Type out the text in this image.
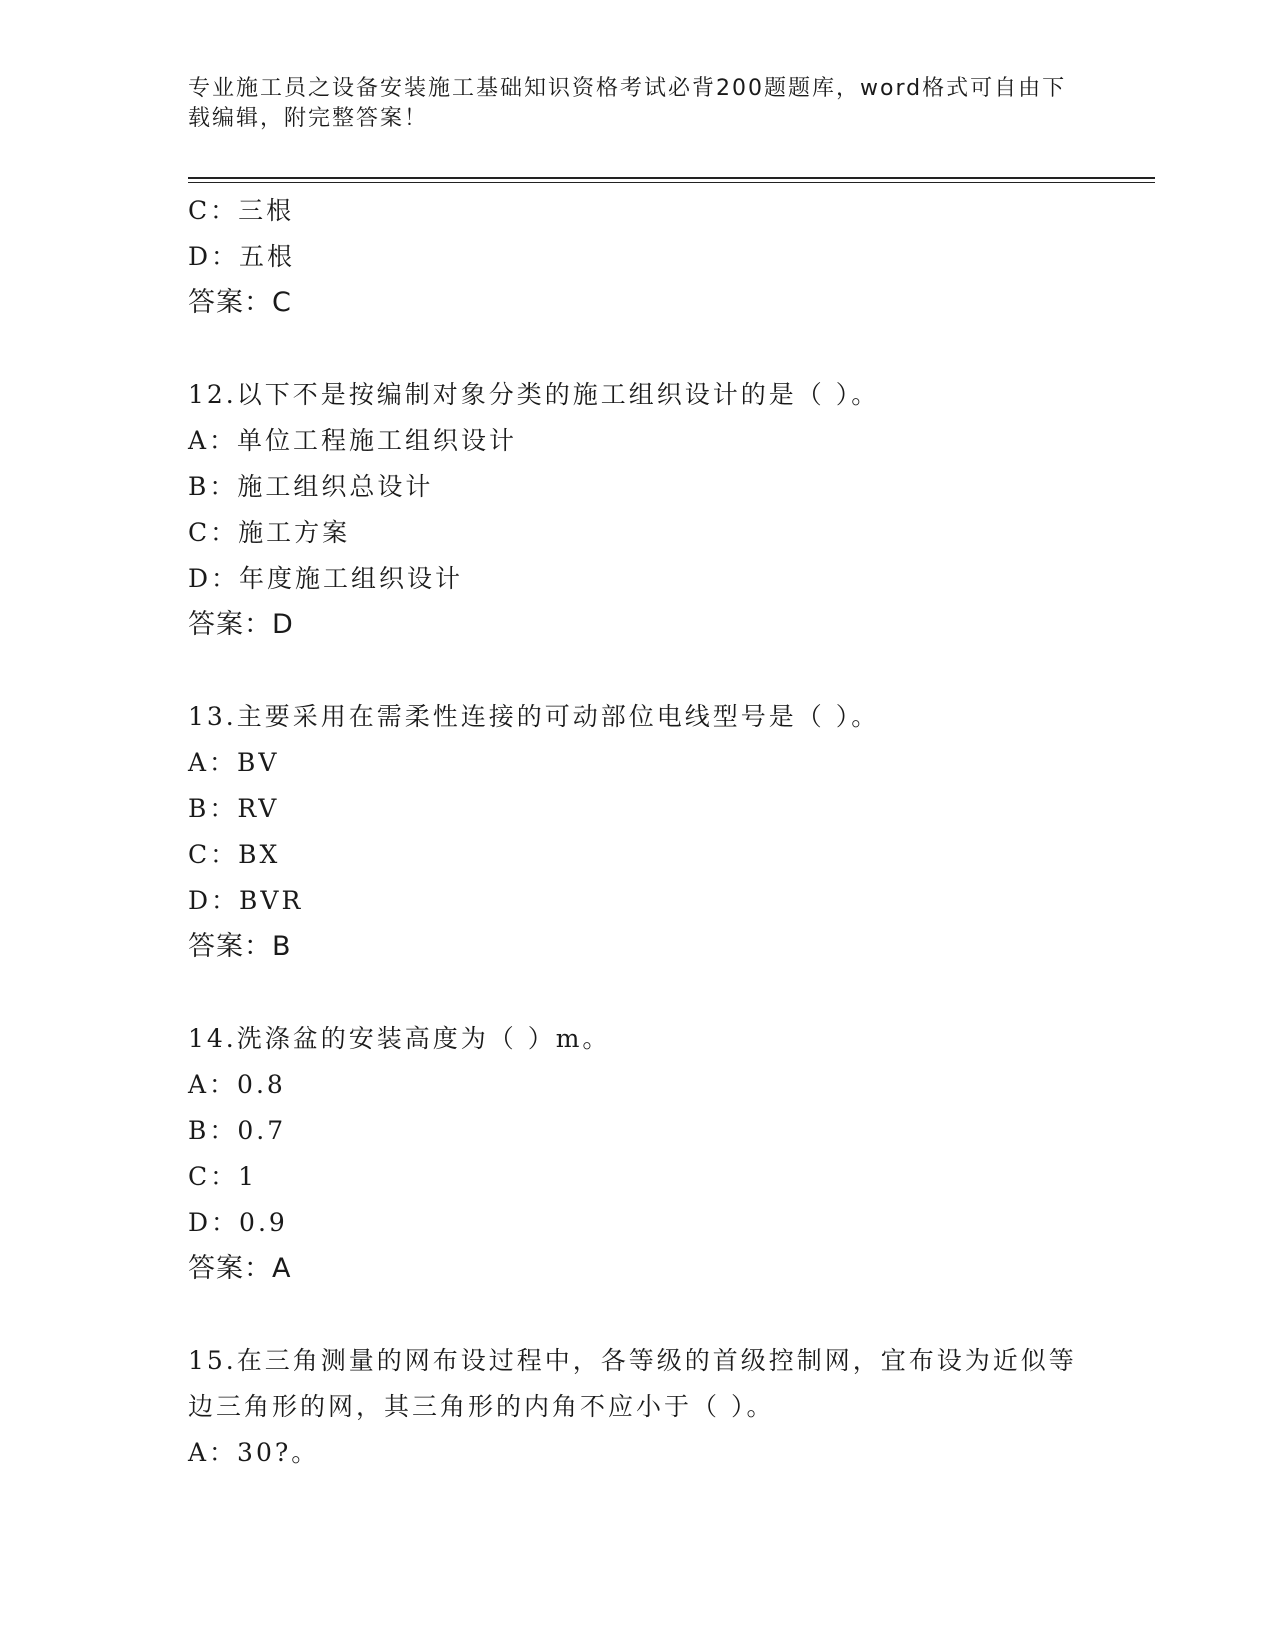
专业施工员之设备安装施工基础知识资格考试必背200题题库，word格式可自由下载编辑，附完整答案！
C：三根
D：五根
答案：C
12.以下不是按编制对象分类的施工组织设计的是（ ）。
A：单位工程施工组织设计
B：施工组织总设计
C：施工方案
D：年度施工组织设计
答案：D
13.主要采用在需柔性连接的可动部位电线型号是（ ）。
A：BV
B：RV
C：BX
D：BVR
答案：B
14.洗涤盆的安装高度为（ ）m。
A：0.8
B：0.7
C：1
D：0.9
答案：A
15.在三角测量的网布设过程中，各等级的首级控制网，宜布设为近似等边三角形的网，其三角形的内角不应小于（ ）。
A：30?。
